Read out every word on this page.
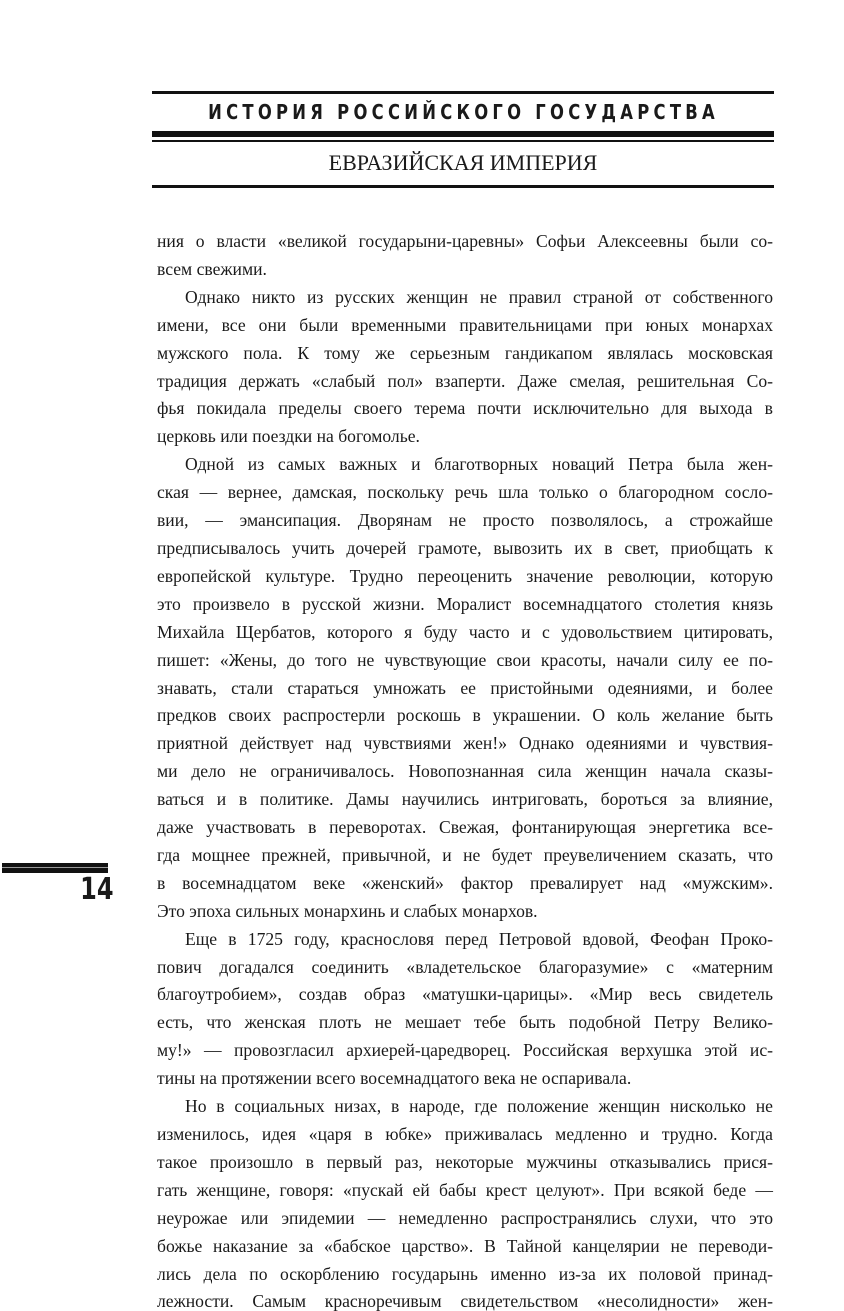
ИСТОРИЯ РОССИЙСКОГО ГОСУДАРСТВА
ЕВРАЗИЙСКАЯ ИМПЕРИЯ
ния о власти «великой государыни-царевны» Софьи Алексеевны были со-
всем свежими.
Однако никто из русских женщин не правил страной от собственного
имени, все они были временными правительницами при юных монархах
мужского пола. К тому же серьезным гандикапом являлась московская
традиция держать «слабый пол» взаперти. Даже смелая, решительная Со-
фья покидала пределы своего терема почти исключительно для выхода в
церковь или поездки на богомолье.
Одной из самых важных и благотворных новаций Петра была жен-
ская — вернее, дамская, поскольку речь шла только о благородном сосло-
вии, — эмансипация. Дворянам не просто позволялось, а строжайше
предписывалось учить дочерей грамоте, вывозить их в свет, приобщать к
европейской культуре. Трудно переоценить значение революции, которую
это произвело в русской жизни. Моралист восемнадцатого столетия князь
Михайла Щербатов, которого я буду часто и с удовольствием цитировать,
пишет: «Жены, до того не чувствующие свои красоты, начали силу ее по-
знавать, стали стараться умножать ее пристойными одеяниями, и более
предков своих распростерли роскошь в украшении. О коль желание быть
приятной действует над чувствиями жен!» Однако одеяниями и чувствия-
ми дело не ограничивалось. Новопознанная сила женщин начала сказы-
ваться и в политике. Дамы научились интриговать, бороться за влияние,
даже участвовать в переворотах. Свежая, фонтанирующая энергетика все-
гда мощнее прежней, привычной, и не будет преувеличением сказать, что
в восемнадцатом веке «женский» фактор превалирует над «мужским».
Это эпоха сильных монархинь и слабых монархов.
Еще в 1725 году, краснословя перед Петровой вдовой, Феофан Проко-
пович догадался соединить «владетельское благоразумие» с «матерним
благоутробием», создав образ «матушки-царицы». «Мир весь свидетель
есть, что женская плоть не мешает тебе быть подобной Петру Велико-
му!» — провозгласил архиерей-царедворец. Российская верхушка этой ис-
тины на протяжении всего восемнадцатого века не оспаривала.
Но в социальных низах, в народе, где положение женщин нисколько не
изменилось, идея «царя в юбке» приживалась медленно и трудно. Когда
такое произошло в первый раз, некоторые мужчины отказывались прися-
гать женщине, говоря: «пускай ей бабы крест целуют». При всякой беде —
неурожае или эпидемии — немедленно распространялись слухи, что это
божье наказание за «бабское царство». В Тайной канцелярии не переводи-
лись дела по оскорблению государынь именно из-за их половой принад-
лежности. Самым красноречивым свидетельством «несолидности» жен-
14
